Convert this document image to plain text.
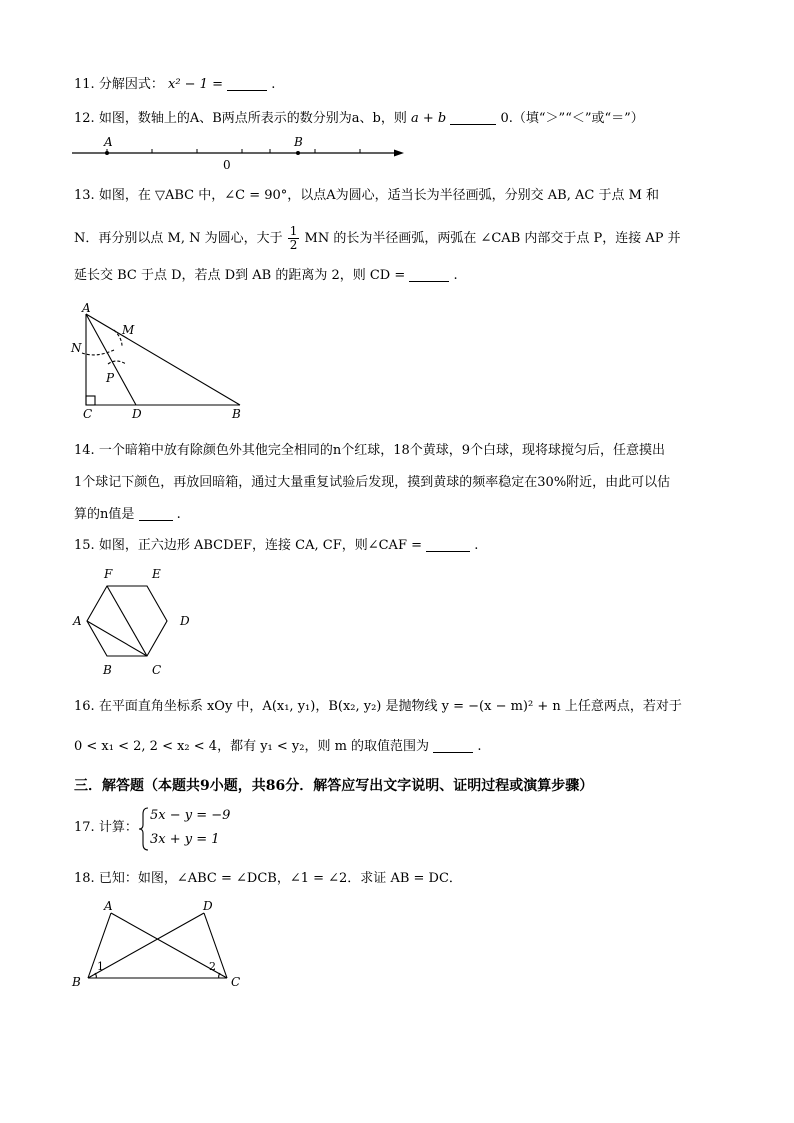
11. 分解因式： x² − 1 =	.
12. 如图，数轴上的A、B两点所表示的数分别为a、b，则 a + b	0.（填“＞”“＜”或“＝”）
A	B
0
13. 如图，在 ▽ABC 中，∠C = 90°，以点A为圆心，适当长为半径画弧，分别交 AB, AC 于点 M 和
N．再分别以点 M, N 为圆心，大于 $\frac{1}{2}$ MN 的长为半径画弧，两弧在 ∠CAB 内部交于点 P，连接 AP 并
延长交 BC 于点 D，若点 D到 AB 的距离为 2，则 CD =	.
A
M
N
P
C	D	B
14. 一个暗箱中放有除颜色外其他完全相同的n个红球，18个黄球，9个白球，现将球搅匀后，任意摸出
1个球记下颜色，再放回暗箱，通过大量重复试验后发现，摸到黄球的频率稳定在30%附近，由此可以估
算的n值是	.
15. 如图，正六边形 ABCDEF，连接 CA, CF，则∠CAF =	.
F	E
A	D
B	C
16. 在平面直角坐标系 xOy 中，A(x₁, y₁)，B(x₂, y₂) 是抛物线 y = −(x − m)² + n 上任意两点，若对于
0 < x₁ < 2, 2 < x₂ < 4，都有 y₁ < y₂，则 m 的取值范围为	.
三．解答题（本题共9小题，共86分．解答应写出文字说明、证明过程或演算步骤）
17. 计算：
5x − y = −9
3x + y = 1
18. 已知：如图，∠ABC = ∠DCB，∠1 = ∠2．求证 AB = DC．
A	D
B	C
1	2
